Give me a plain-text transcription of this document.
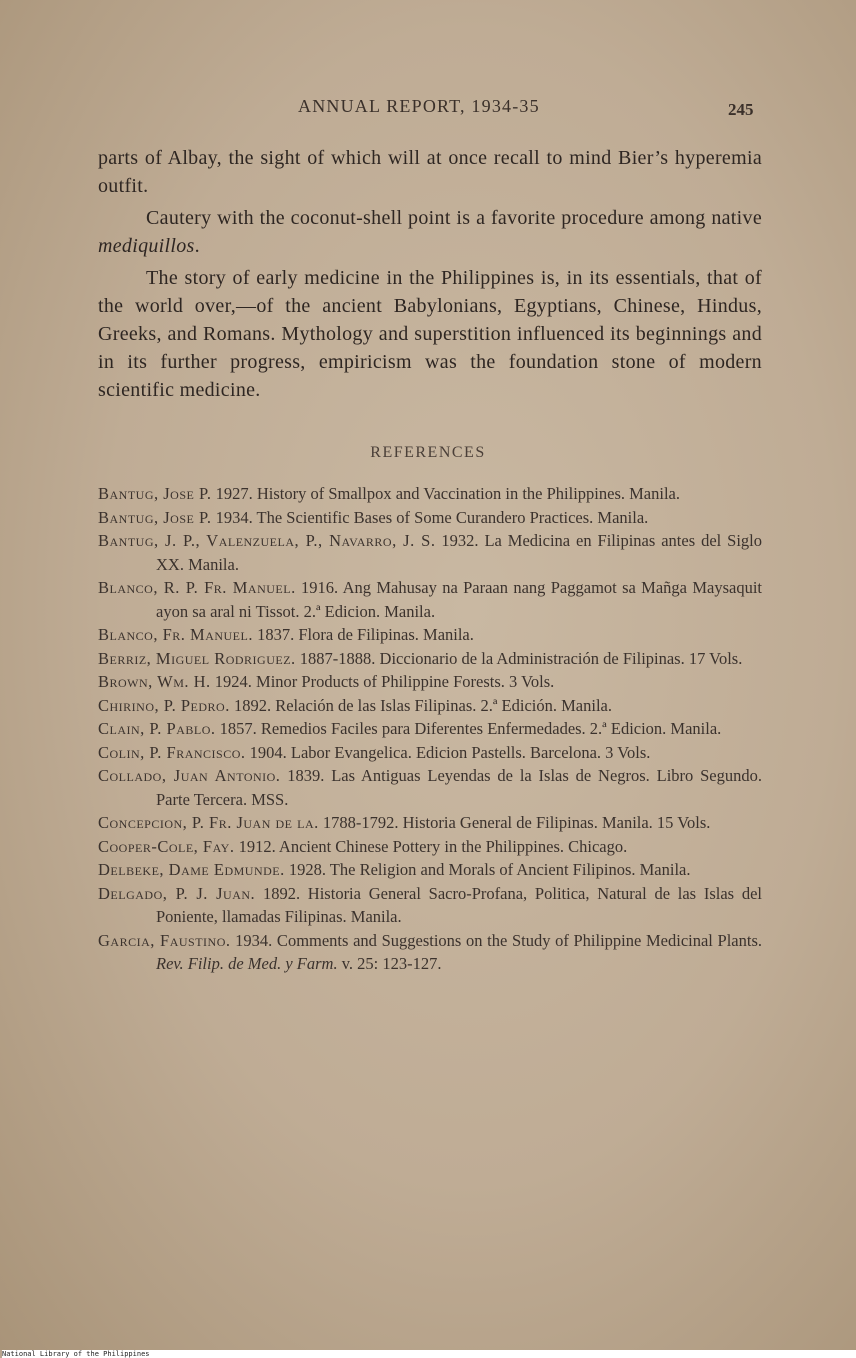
ANNUAL REPORT, 1934-35	245

parts of Albay, the sight of which will at once recall to mind Bier’s hyperemia outfit.

Cautery with the coconut-shell point is a favorite procedure among native mediquillos.

The story of early medicine in the Philippines is, in its essentials, that of the world over,—of the ancient Babylonians, Egyptians, Chinese, Hindus, Greeks, and Romans. Mythology and superstition influenced its beginnings and in its further progress, empiricism was the foundation stone of modern scientific medicine.

REFERENCES
Bantug, Jose P. 1927. History of Smallpox and Vaccination in the Philippines. Manila.
Bantug, Jose P. 1934. The Scientific Bases of Some Curandero Practices. Manila.
Bantug, J. P., Valenzuela, P., Navarro, J. S. 1932. La Medicina en Filipinas antes del Siglo XX. Manila.
Blanco, R. P. Fr. Manuel. 1916. Ang Mahusay na Paraan nang Paggamot sa Mañga Maysaquit ayon sa aral ni Tissot. 2.ª Edicion. Manila.
Blanco, Fr. Manuel. 1837. Flora de Filipinas. Manila.
Berriz, Miguel Rodriguez. 1887-1888. Diccionario de la Administración de Filipinas. 17 Vols.
Brown, Wm. H. 1924. Minor Products of Philippine Forests. 3 Vols.
Chirino, P. Pedro. 1892. Relación de las Islas Filipinas. 2.ª Edición. Manila.
Clain, P. Pablo. 1857. Remedios Faciles para Diferentes Enfermedades. 2.ª Edicion. Manila.
Colin, P. Francisco. 1904. Labor Evangelica. Edicion Pastells. Barcelona. 3 Vols.
Collado, Juan Antonio. 1839. Las Antiguas Leyendas de la Islas de Negros. Libro Segundo. Parte Tercera. MSS.
Concepcion, P. Fr. Juan de la. 1788-1792. Historia General de Filipinas. Manila. 15 Vols.
Cooper-Cole, Fay. 1912. Ancient Chinese Pottery in the Philippines. Chicago.
Delbeke, Dame Edmunde. 1928. The Religion and Morals of Ancient Filipinos. Manila.
Delgado, P. J. Juan. 1892. Historia General Sacro-Profana, Politica, Natural de las Islas del Poniente, llamadas Filipinas. Manila.
Garcia, Faustino. 1934. Comments and Suggestions on the Study of Philippine Medicinal Plants. Rev. Filip. de Med. y Farm. v. 25: 123-127.
National Library of the Philippines
